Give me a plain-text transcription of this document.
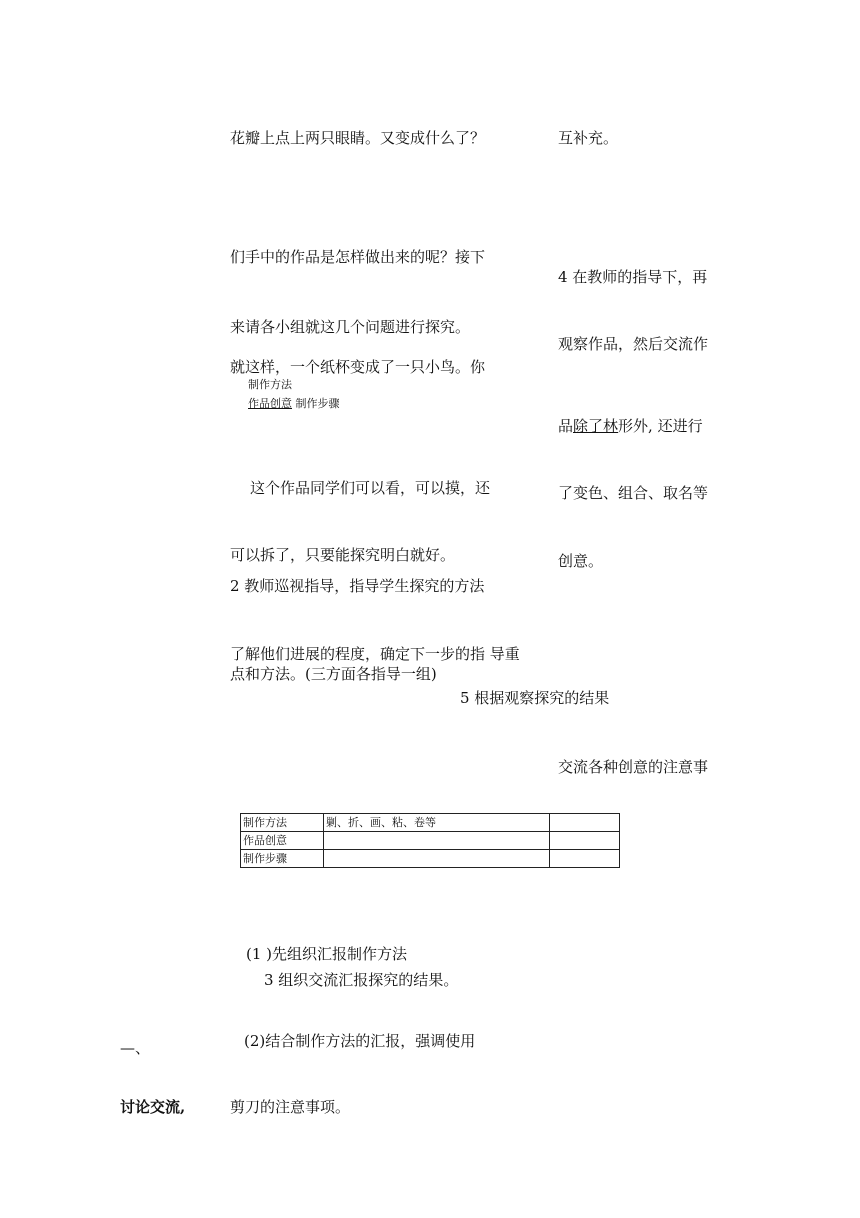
花瓣上点上两只眼睛。又变成什么了？
们手中的作品是怎样做出来的呢？接下
来请各小组就这几个问题进行探究。
就这样，一个纸杯变成了一只小鸟。你
制作方法
作品创意 制作步骤
这个作品同学们可以看，可以摸，还
可以拆了，只要能探究明白就好。
2 教师巡视指导，指导学生探究的方法
了解他们进展的程度，确定下一步的指 导重
点和方法。(三方面各指导一组)
(1 )先组织汇报制作方法
3 组织交流汇报探究的结果。
(2)结合制作方法的汇报，强调使用
剪刀的注意事项。
互补充。
4 在教师的指导下，再
观察作品，然后交流作
品除了林形外, 还进行
了变色、组合、取名等
创意。
5 根据观察探究的结果
交流各种创意的注意事
—、
讨论交流,
制作方法	剿、折、画、粘、卷等	
作品创意		
制作步骤		
